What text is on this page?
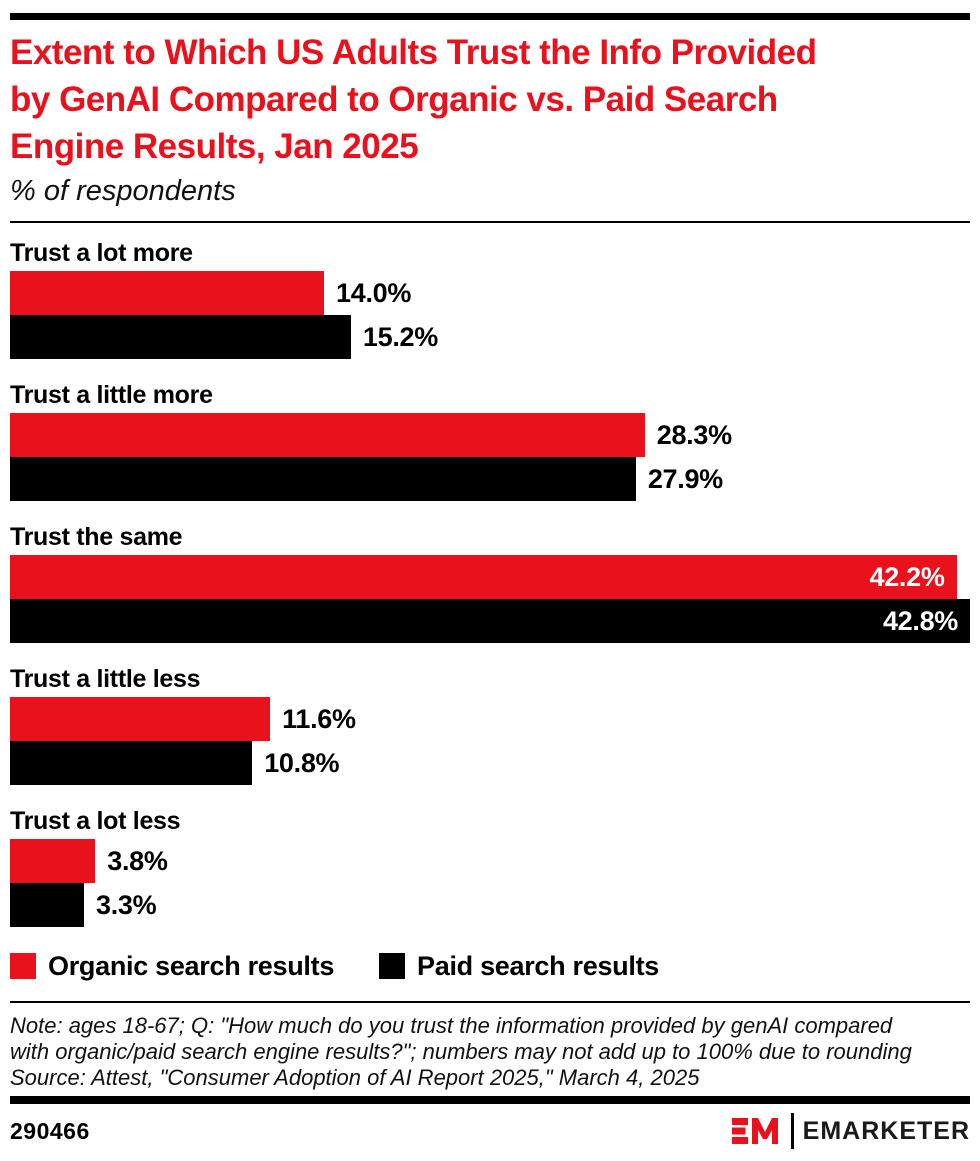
Extent to Which US Adults Trust the Info Provided
by GenAI Compared to Organic vs. Paid Search
Engine Results, Jan 2025
% of respondents
Trust a lot more
14.0%
15.2%
Trust a little more
28.3%
27.9%
Trust the same
42.2%
42.8%
Trust a little less
11.6%
10.8%
Trust a lot less
3.8%
3.3%
Organic search results	Paid search results
Note: ages 18-67; Q: "How much do you trust the information provided by genAI compared
with organic/paid search engine results?"; numbers may not add up to 100% due to rounding
Source: Attest, "Consumer Adoption of AI Report 2025," March 4, 2025
290466	EMARKETER
